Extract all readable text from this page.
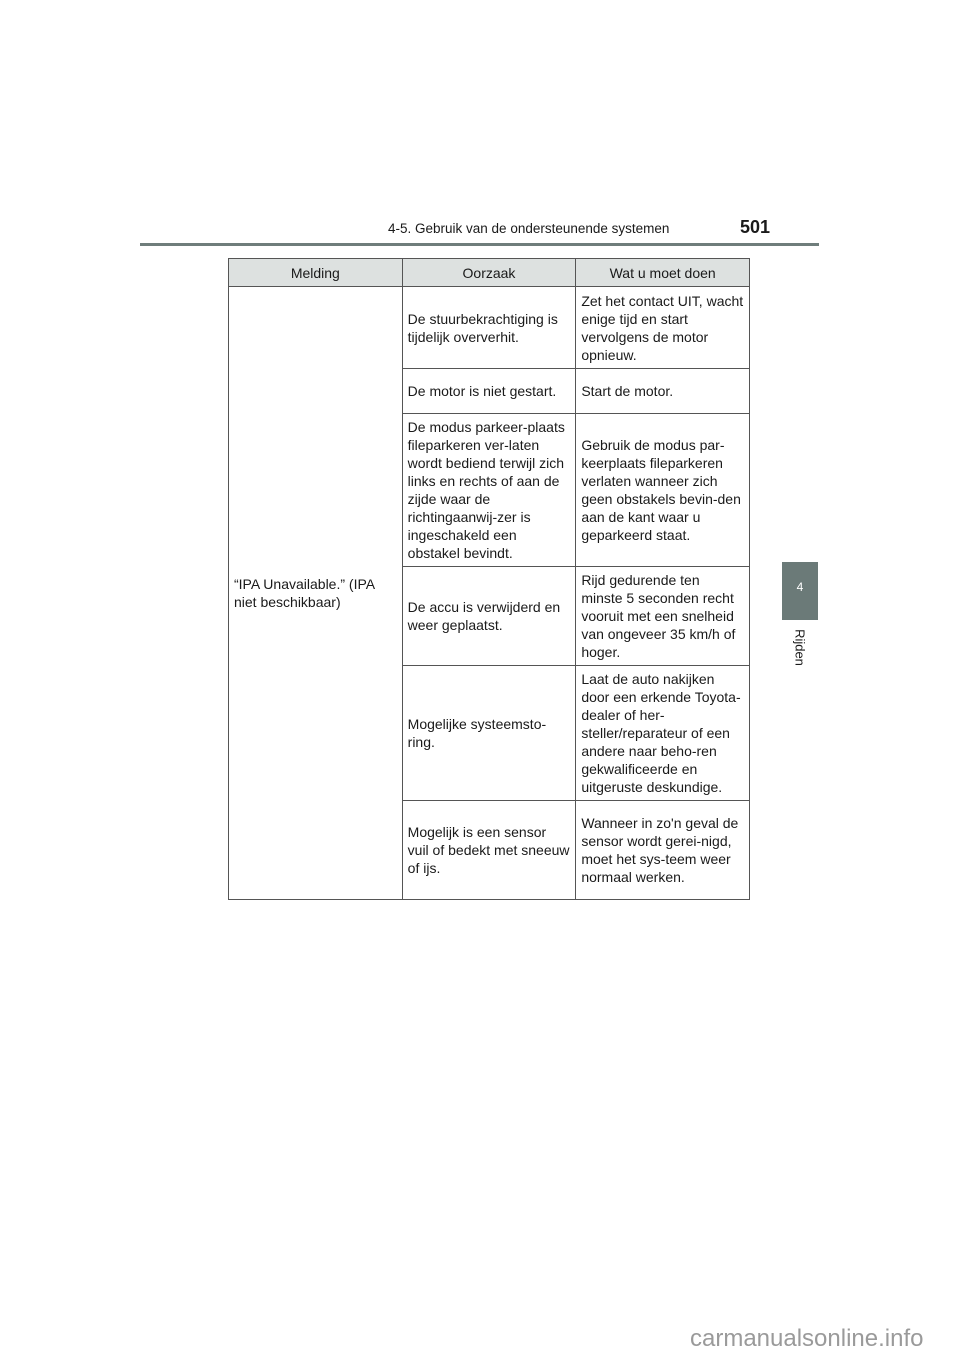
4-5. Gebruik van de ondersteunende systemen	501
4
Rijden
Melding	Oorzaak	Wat u moet doen
“IPA Unavailable.” (IPA niet beschikbaar)	De stuurbekrachtiging is tijdelijk oververhit.	Zet het contact UIT, wacht enige tijd en start vervolgens de motor opnieuw.
	De motor is niet gestart.	Start de motor.
	De modus parkeer-plaats fileparkeren ver-laten wordt bediend terwijl zich links en rechts of aan de zijde waar de richtingaanwij-zer is ingeschakeld een obstakel bevindt.	Gebruik de modus par-keerplaats fileparkeren verlaten wanneer zich geen obstakels bevin-den aan de kant waar u geparkeerd staat.
	De accu is verwijderd en weer geplaatst.	Rijd gedurende ten minste 5 seconden recht vooruit met een snelheid van ongeveer 35 km/h of hoger.
	Mogelijke systeemsto-ring.	Laat de auto nakijken door een erkende Toyota-dealer of her-steller/reparateur of een andere naar beho-ren gekwalificeerde en uitgeruste deskundige.
	Mogelijk is een sensor vuil of bedekt met sneeuw of ijs.	Wanneer in zo'n geval de sensor wordt gerei-nigd, moet het sys-teem weer normaal werken.
carmanualsonline.info
